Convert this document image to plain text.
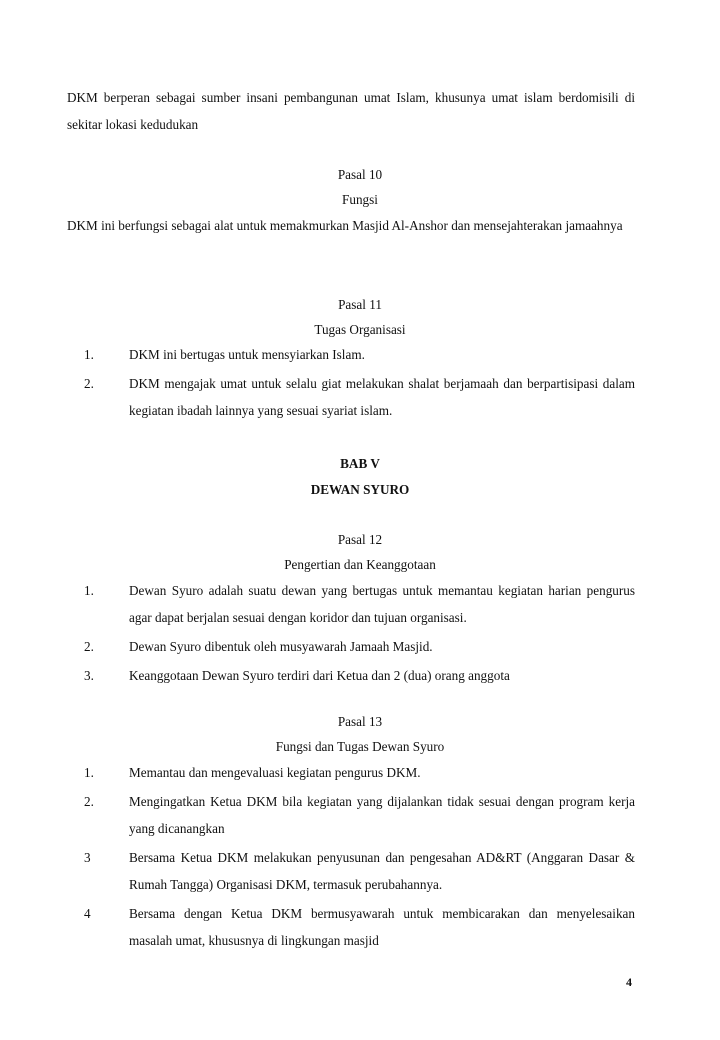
DKM berperan sebagai sumber insani pembangunan umat Islam, khusunya umat islam berdomisili di sekitar lokasi kedudukan

Pasal 10

Fungsi

DKM ini berfungsi sebagai alat untuk memakmurkan Masjid Al-Anshor dan mensejahterakan jamaahnya

Pasal 11

Tugas Organisasi

1.	DKM ini bertugas untuk mensyiarkan Islam.
2.	DKM mengajak umat untuk selalu giat melakukan shalat berjamaah dan berpartisipasi dalam kegiatan ibadah lainnya yang sesuai syariat islam.

BAB V

DEWAN SYURO

Pasal 12

Pengertian dan Keanggotaan

1.	Dewan Syuro adalah suatu dewan yang bertugas untuk memantau kegiatan harian pengurus agar dapat berjalan sesuai dengan koridor dan tujuan organisasi.
2.	Dewan Syuro dibentuk oleh musyawarah Jamaah Masjid.
3.	Keanggotaan Dewan Syuro terdiri dari Ketua dan 2 (dua) orang anggota

Pasal 13

Fungsi dan Tugas Dewan Syuro

1.	Memantau dan mengevaluasi kegiatan pengurus DKM.
2.	Mengingatkan Ketua DKM bila kegiatan yang dijalankan tidak sesuai dengan program kerja yang dicanangkan
3	Bersama Ketua DKM melakukan penyusunan dan pengesahan AD&RT (Anggaran Dasar & Rumah Tangga) Organisasi DKM, termasuk perubahannya.
4	Bersama dengan Ketua DKM bermusyawarah untuk membicarakan dan menyelesaikan masalah umat, khususnya di lingkungan masjid
4
